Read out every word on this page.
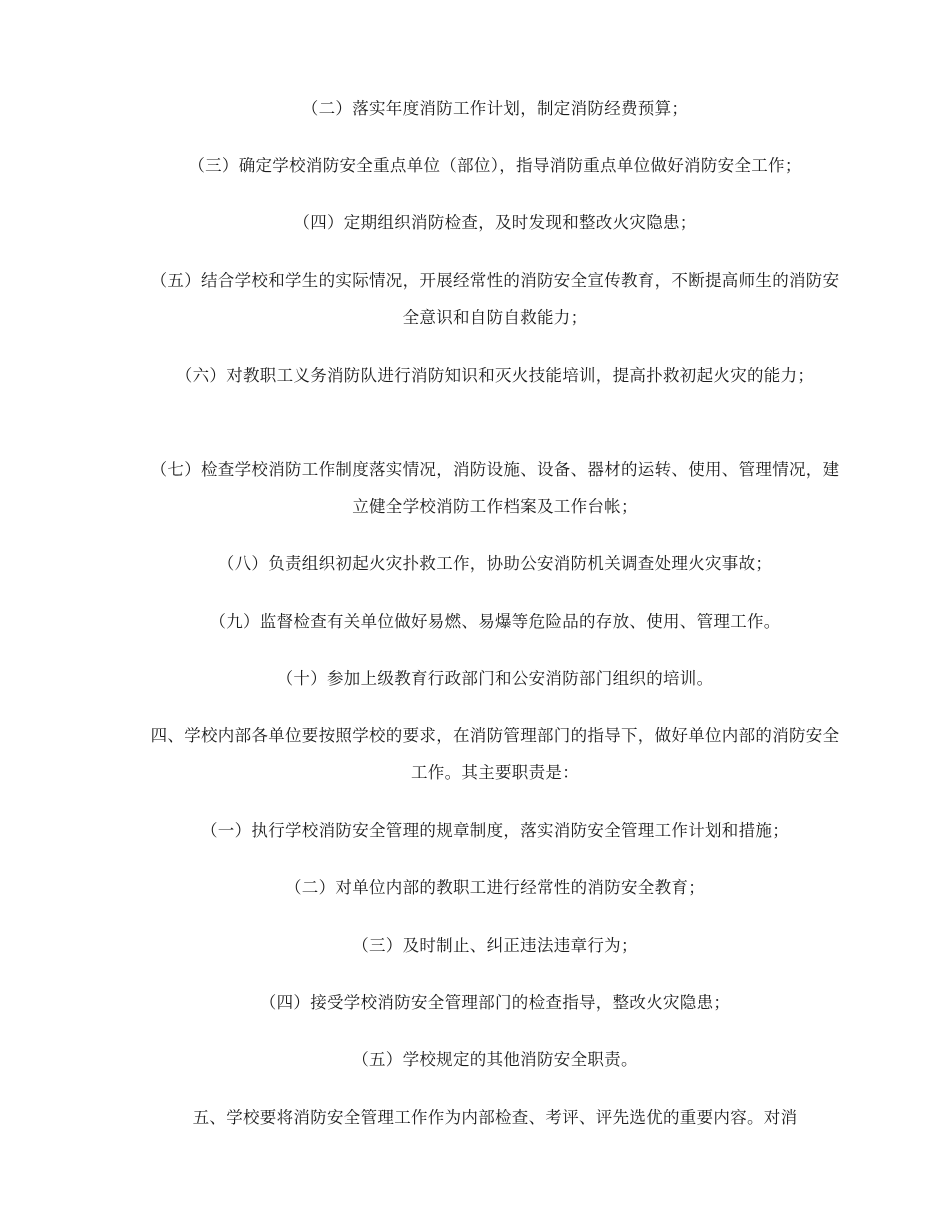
（二）落实年度消防工作计划，制定消防经费预算；

（三）确定学校消防安全重点单位（部位），指导消防重点单位做好消防安全工作；

（四）定期组织消防检查，及时发现和整改火灾隐患；

（五）结合学校和学生的实际情况，开展经常性的消防安全宣传教育，不断提高师生的消防安全意识和自防自救能力；

（六）对教职工义务消防队进行消防知识和灭火技能培训，提高扑救初起火灾的能力；

（七）检查学校消防工作制度落实情况，消防设施、设备、器材的运转、使用、管理情况，建立健全学校消防工作档案及工作台帐；

（八）负责组织初起火灾扑救工作，协助公安消防机关调查处理火灾事故；

（九）监督检查有关单位做好易燃、易爆等危险品的存放、使用、管理工作。

（十）参加上级教育行政部门和公安消防部门组织的培训。

四、学校内部各单位要按照学校的要求，在消防管理部门的指导下，做好单位内部的消防安全工作。其主要职责是：

（一）执行学校消防安全管理的规章制度，落实消防安全管理工作计划和措施；

（二）对单位内部的教职工进行经常性的消防安全教育；

（三）及时制止、纠正违法违章行为；

（四）接受学校消防安全管理部门的检查指导，整改火灾隐患；

（五）学校规定的其他消防安全职责。

五、学校要将消防安全管理工作作为内部检查、考评、评先选优的重要内容。对消
